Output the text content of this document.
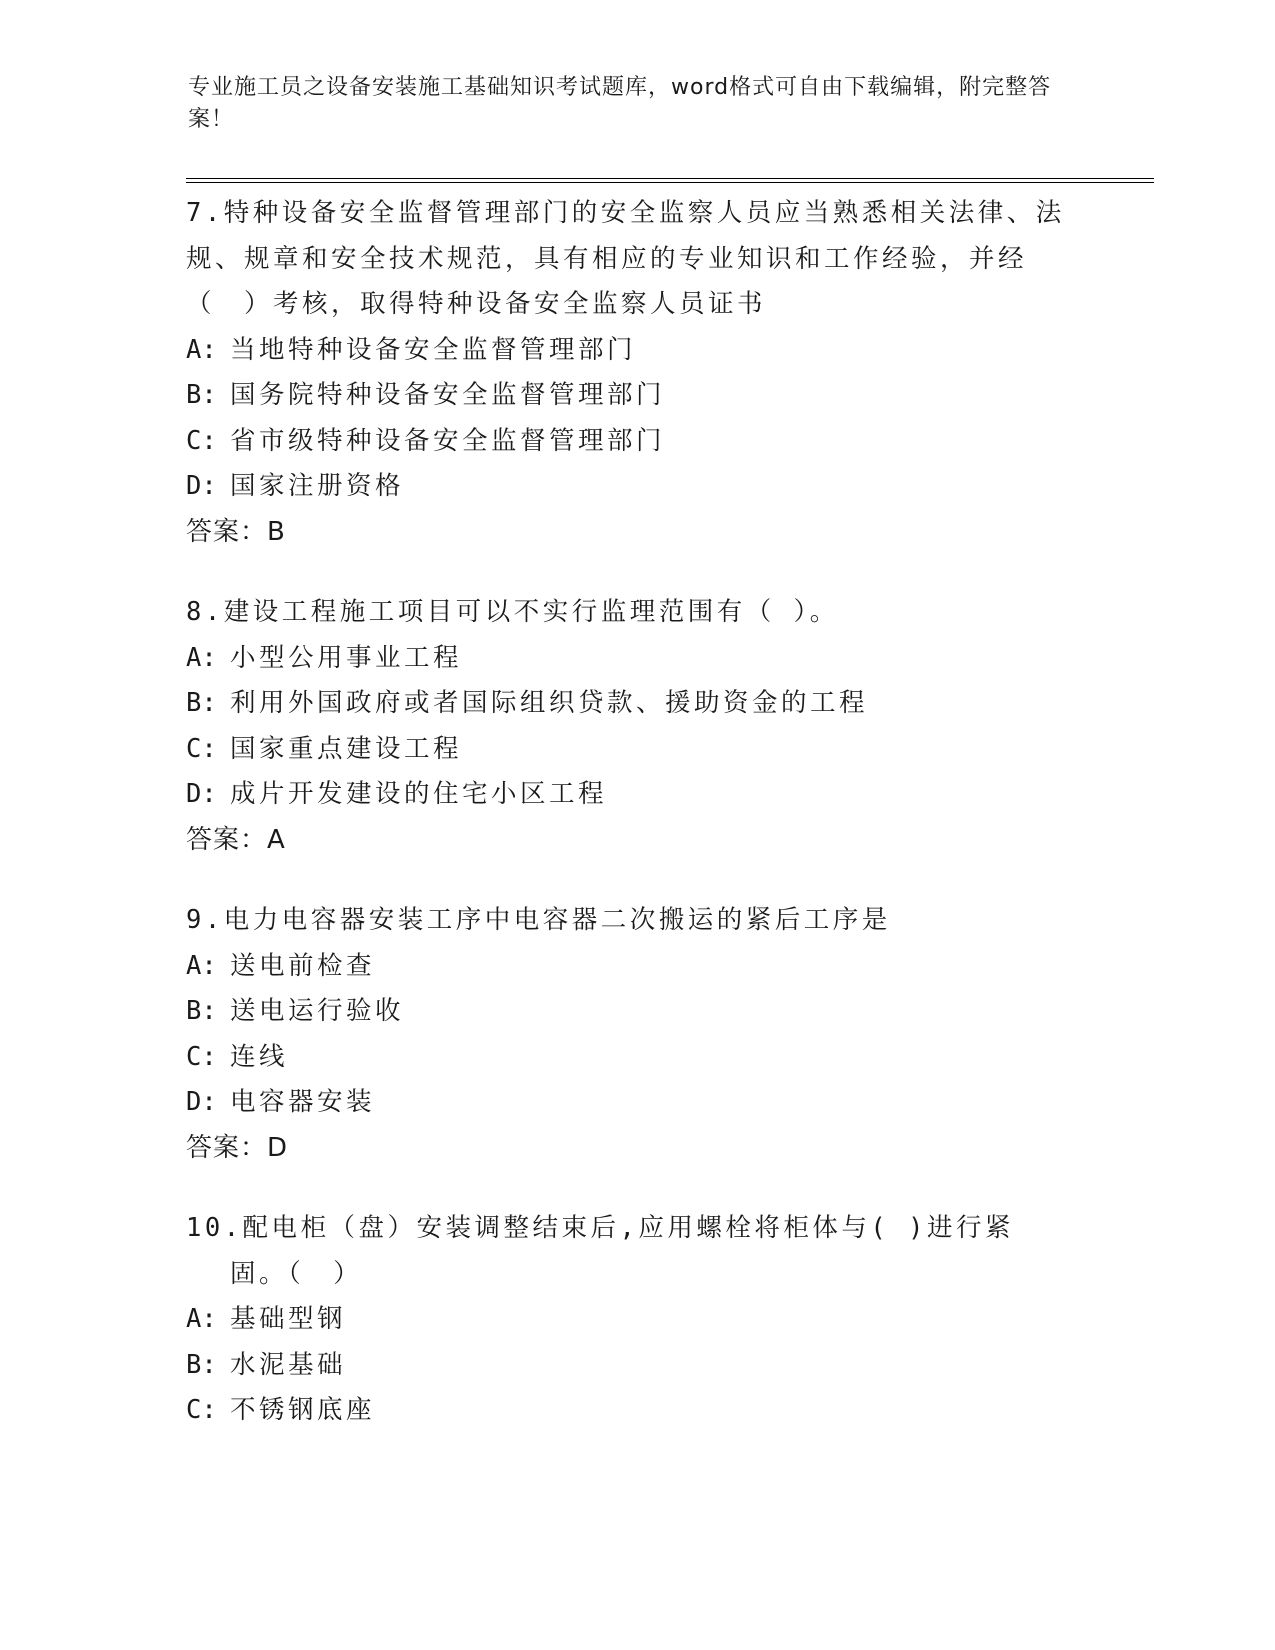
专业施工员之设备安装施工基础知识考试题库，word格式可自由下载编辑，附完整答案！

7.特种设备安全监督管理部门的安全监察人员应当熟悉相关法律、法规、规章和安全技术规范，具有相应的专业知识和工作经验，并经（　）考核，取得特种设备安全监察人员证书

A: 当地特种设备安全监督管理部门

B: 国务院特种设备安全监督管理部门

C: 省市级特种设备安全监督管理部门

D: 国家注册资格

答案：B

8.建设工程施工项目可以不实行监理范围有（ ）。

A: 小型公用事业工程

B: 利用外国政府或者国际组织贷款、援助资金的工程

C: 国家重点建设工程

D: 成片开发建设的住宅小区工程

答案：A

9.电力电容器安装工序中电容器二次搬运的紧后工序是

A: 送电前检查

B: 送电运行验收

C: 连线

D: 电容器安装

答案：D

10.配电柜（盘）安装调整结束后,应用螺栓将柜体与( )进行紧固。（　）

A: 基础型钢

B: 水泥基础

C: 不锈钢底座
